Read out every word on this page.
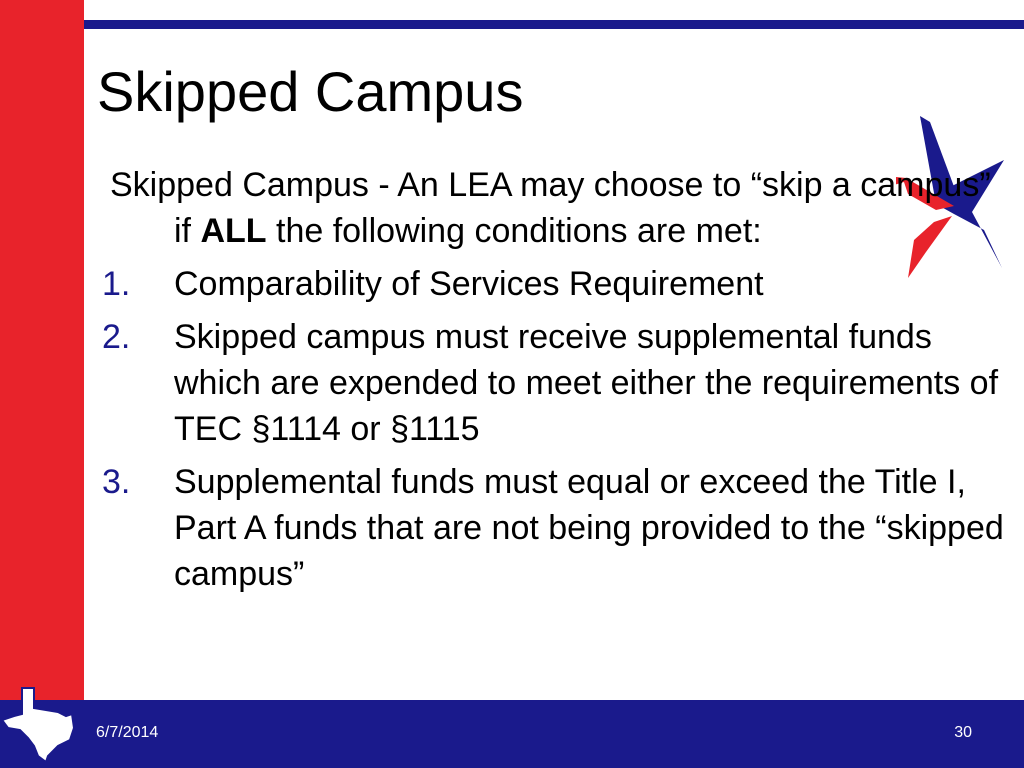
Skipped Campus

Skipped Campus - An LEA may choose to “skip a campus” if ALL the following conditions are met:

1. Comparability of Services Requirement
2. Skipped campus must receive supplemental funds which are expended to meet either the requirements of TEC §1114 or §1115
3. Supplemental funds must equal or exceed the Title I, Part A funds that are not being provided to the “skipped campus”
6/7/2014	30
